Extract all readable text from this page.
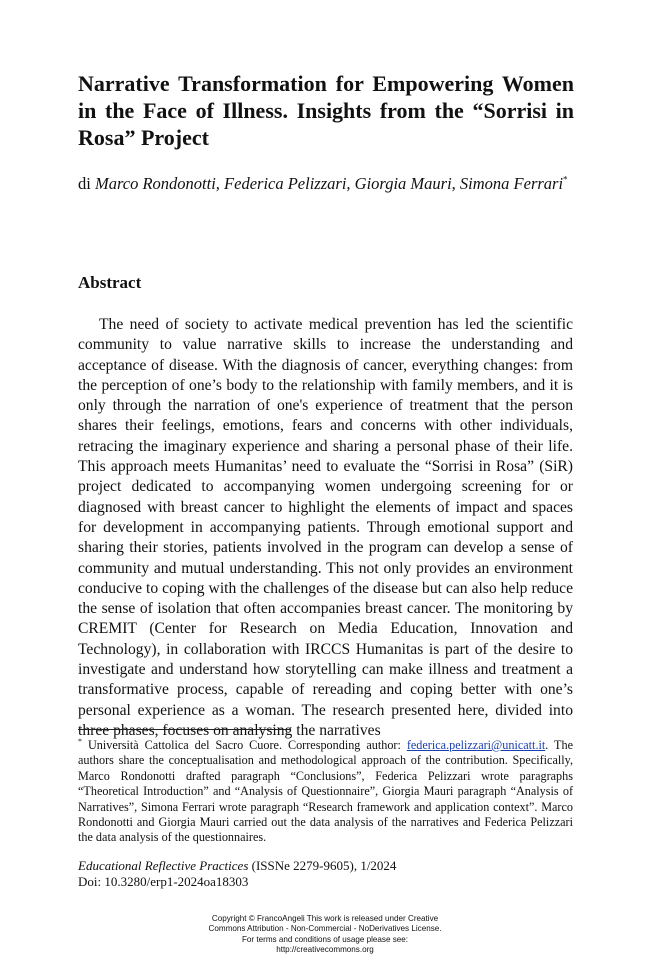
Narrative Transformation for Empowering Women in the Face of Illness. Insights from the “Sorrisi in Rosa” Project
di Marco Rondonotti, Federica Pelizzari, Giorgia Mauri, Simona Ferrari*
Abstract

The need of society to activate medical prevention has led the scientific community to value narrative skills to increase the understanding and acceptance of disease. With the diagnosis of cancer, everything changes: from the perception of one’s body to the relationship with family members, and it is only through the narration of one's experience of treatment that the person shares their feelings, emotions, fears and concerns with other individuals, retracing the imaginary experience and sharing a personal phase of their life. This approach meets Humanitas’ need to evaluate the “Sorrisi in Rosa” (SiR) project dedicated to accompanying women undergoing screening for or diagnosed with breast cancer to highlight the elements of impact and spaces for development in accompanying patients. Through emotional support and sharing their stories, patients involved in the program can develop a sense of community and mutual understanding. This not only provides an environment conducive to coping with the challenges of the disease but can also help reduce the sense of isolation that often accompanies breast cancer. The monitoring by CREMIT (Center for Research on Media Education, Innovation and Technology), in collaboration with IRCCS Humanitas is part of the desire to investigate and understand how storytelling can make illness and treatment a transformative process, capable of rereading and coping better with one’s personal experience as a woman. The research presented here, divided into three phases, focuses on analysing the narratives

* Università Cattolica del Sacro Cuore. Corresponding author: federica.pelizzari@unicatt.it. The authors share the conceptualisation and methodological approach of the contribution. Specifically, Marco Rondonotti drafted paragraph “Conclusions”, Federica Pelizzari wrote paragraphs “Theoretical Introduction” and “Analysis of Questionnaire”, Giorgia Mauri paragraph “Analysis of Narratives”, Simona Ferrari wrote paragraph “Research framework and application context”. Marco Rondonotti and Giorgia Mauri carried out the data analysis of the narratives and Federica Pelizzari the data analysis of the questionnaires.

Educational Reflective Practices (ISSNe 2279-9605), 1/2024
Doi: 10.3280/erp1-2024oa18303
Copyright © FrancoAngeli This work is released under Creative
Commons Attribution - Non-Commercial - NoDerivatives License.
For terms and conditions of usage please see:
http://creativecommons.org
